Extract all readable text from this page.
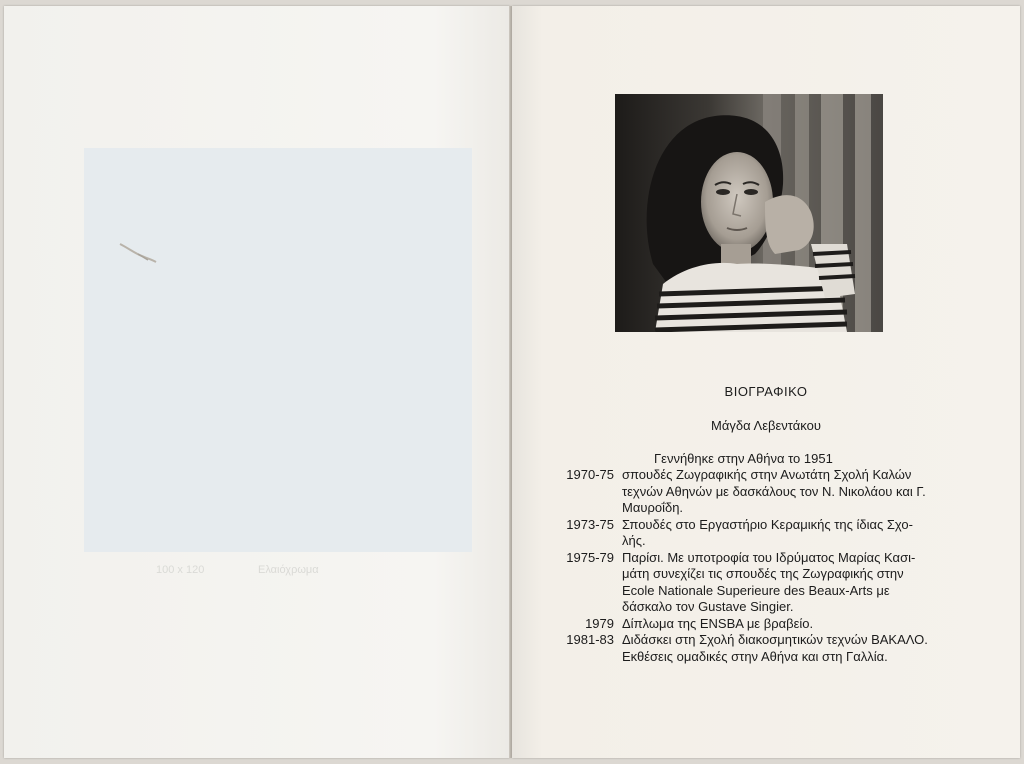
100 x 120	Ελαιόχρωμα
ΒΙΟΓΡΑΦΙΚΟ
Μάγδα Λεβεντάκου
Γεννήθηκε στην Αθήνα το 1951
1970-75 σπουδές Ζωγραφικής στην Ανωτάτη Σχολή Καλών
τεχνών Αθηνών με δασκάλους τον Ν. Νικολάου και Γ.
Μαυροΐδη.
1973-75 Σπουδές στο Εργαστήριο Κεραμικής της ίδιας Σχο-
λής.
1975-79 Παρίσι. Με υποτροφία του Ιδρύματος Μαρίας Κασι-
μάτη συνεχίζει τις σπουδές της Ζωγραφικής στην
Ecole Nationale Superieure des Beaux-Arts με
δάσκαλο τον Gustave Singier.
1979 Δίπλωμα της ENSBA με βραβείο.
1981-83 Διδάσκει στη Σχολή διακοσμητικών τεχνών ΒΑΚΑΛΟ.
Εκθέσεις ομαδικές στην Αθήνα και στη Γαλλία.
